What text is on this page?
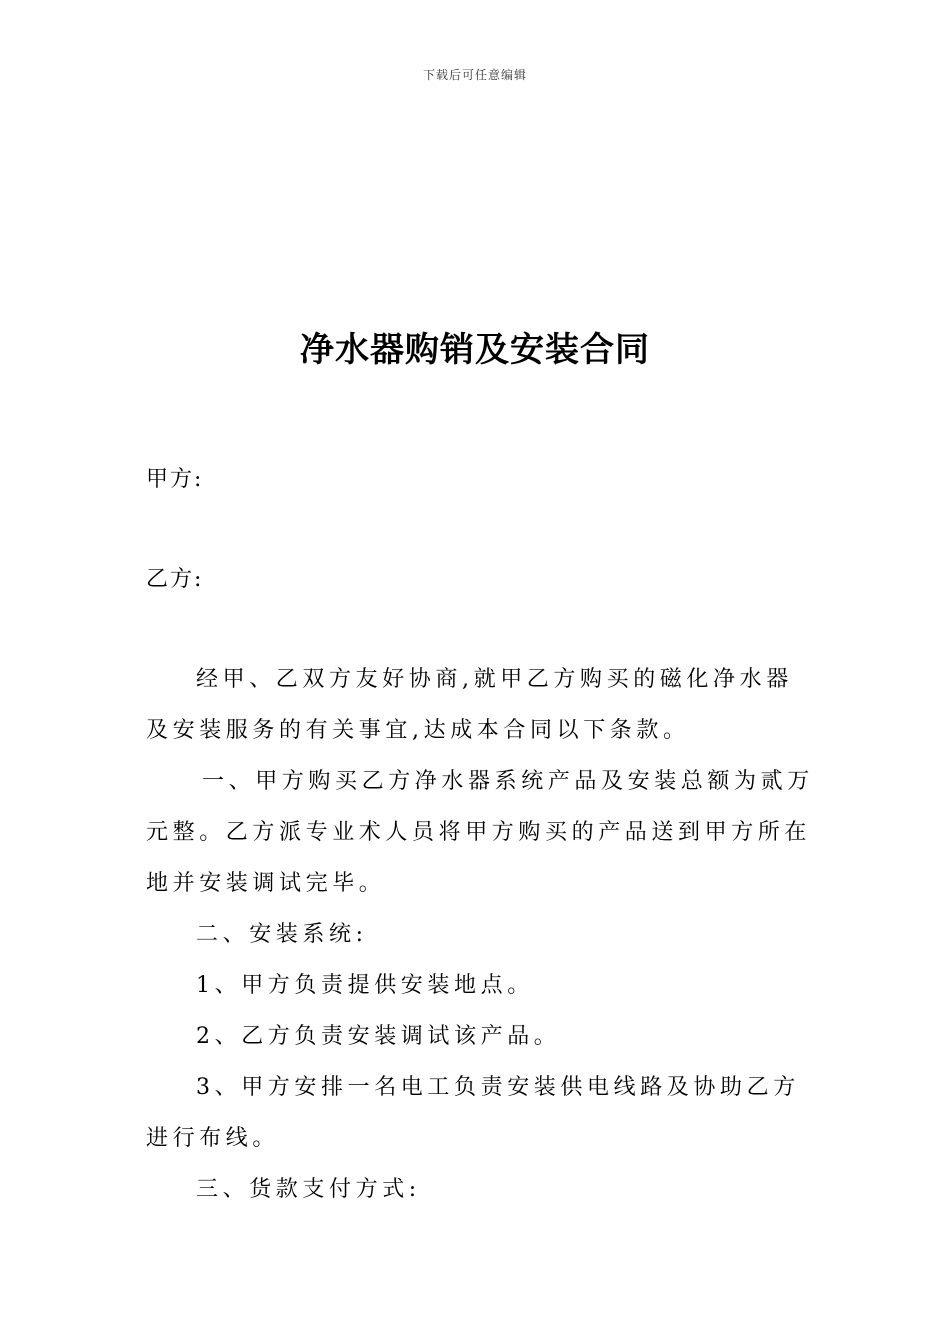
下载后可任意编辑
净水器购销及安装合同
甲方:
乙方:

经甲、乙双方友好协商,就甲乙方购买的磁化净水器及安装服务的有关事宜,达成本合同以下条款。

一、甲方购买乙方净水器系统产品及安装总额为贰万元整。乙方派专业术人员将甲方购买的产品送到甲方所在地并安装调试完毕。

二、安装系统:

1、甲方负责提供安装地点。

2、乙方负责安装调试该产品。

3、甲方安排一名电工负责安装供电线路及协助乙方进行布线。

三、货款支付方式:
